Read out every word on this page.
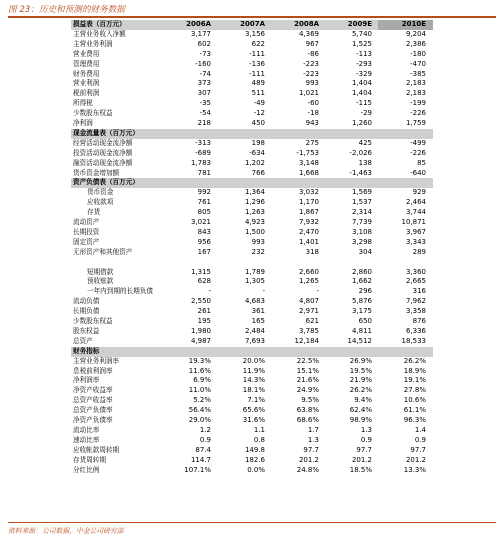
图 23：历史和预测的财务数据
损益表（百万元）	2006A	2007A	2008A	2009E	2010E
主营业务收入净额	3,177	3,156	4,369	5,740	9,204
主营业务利润	602	622	967	1,525	2,386
营业费用	-73	-111	-86	-113	-180
管理费用	-160	-136	-223	-293	-470
财务费用	-74	-111	-223	-329	-385
营业利润	373	489	993	1,404	2,183
税前利润	307	511	1,021	1,404	2,183
所得税	-35	-49	-60	-115	-199
少数股东权益	-54	-12	-18	-29	-226
净利润	218	450	943	1,260	1,759
现金流量表（百万元）
经营活动现金流净额	-313	198	275	425	-499
投资活动现金流净额	-689	-634	-1,753	-2,026	-226
融资活动现金流净额	1,783	1,202	3,148	138	85
货币资金增加额	781	766	1,668	-1,463	-640
资产负债表（百万元）
货币资金	992	1,364	3,032	1,569	929
应收款项	761	1,296	1,170	1,537	2,464
存货	805	1,263	1,867	2,314	3,744
流动资产	3,021	4,923	7,932	7,739	10,871
长期投资	843	1,500	2,470	3,108	3,967
固定资产	956	993	1,401	3,298	3,343
无形资产和其他资产	167	232	318	304	289
短期借款	1,315	1,789	2,660	2,860	3,360
预收账款	628	1,305	1,265	1,662	2,665
一年内到期的长期负债	-	-	-	296	316
流动负债	2,550	4,683	4,807	5,876	7,962
长期负债	261	361	2,971	3,175	3,358
少数股东权益	195	165	621	650	876
股东权益	1,980	2,484	3,785	4,811	6,336
总资产	4,987	7,693	12,184	14,512	18,533
财务指标
主营业务利润率	19.3%	20.0%	22.5%	26.9%	26.2%
息税前利润率	11.6%	11.9%	15.1%	19.5%	18.9%
净利润率	6.9%	14.3%	21.6%	21.9%	19.1%
净资产收益率	11.0%	18.1%	24.9%	26.2%	27.8%
总资产收益率	5.2%	7.1%	9.5%	9.4%	10.6%
总资产负债率	56.4%	65.6%	63.8%	62.4%	61.1%
净资产负债率	29.0%	31.6%	68.6%	98.9%	96.3%
流动比率	1.2	1.1	1.7	1.3	1.4
速动比率	0.9	0.8	1.3	0.9	0.9
应收帐款周转期	87.4	149.8	97.7	97.7	97.7
存货周转期	114.7	182.6	201.2	201.2	201.2
分红比例	107.1%	0.0%	24.8%	18.5%	13.3%
资料来源：公司数据，中金公司研究部
